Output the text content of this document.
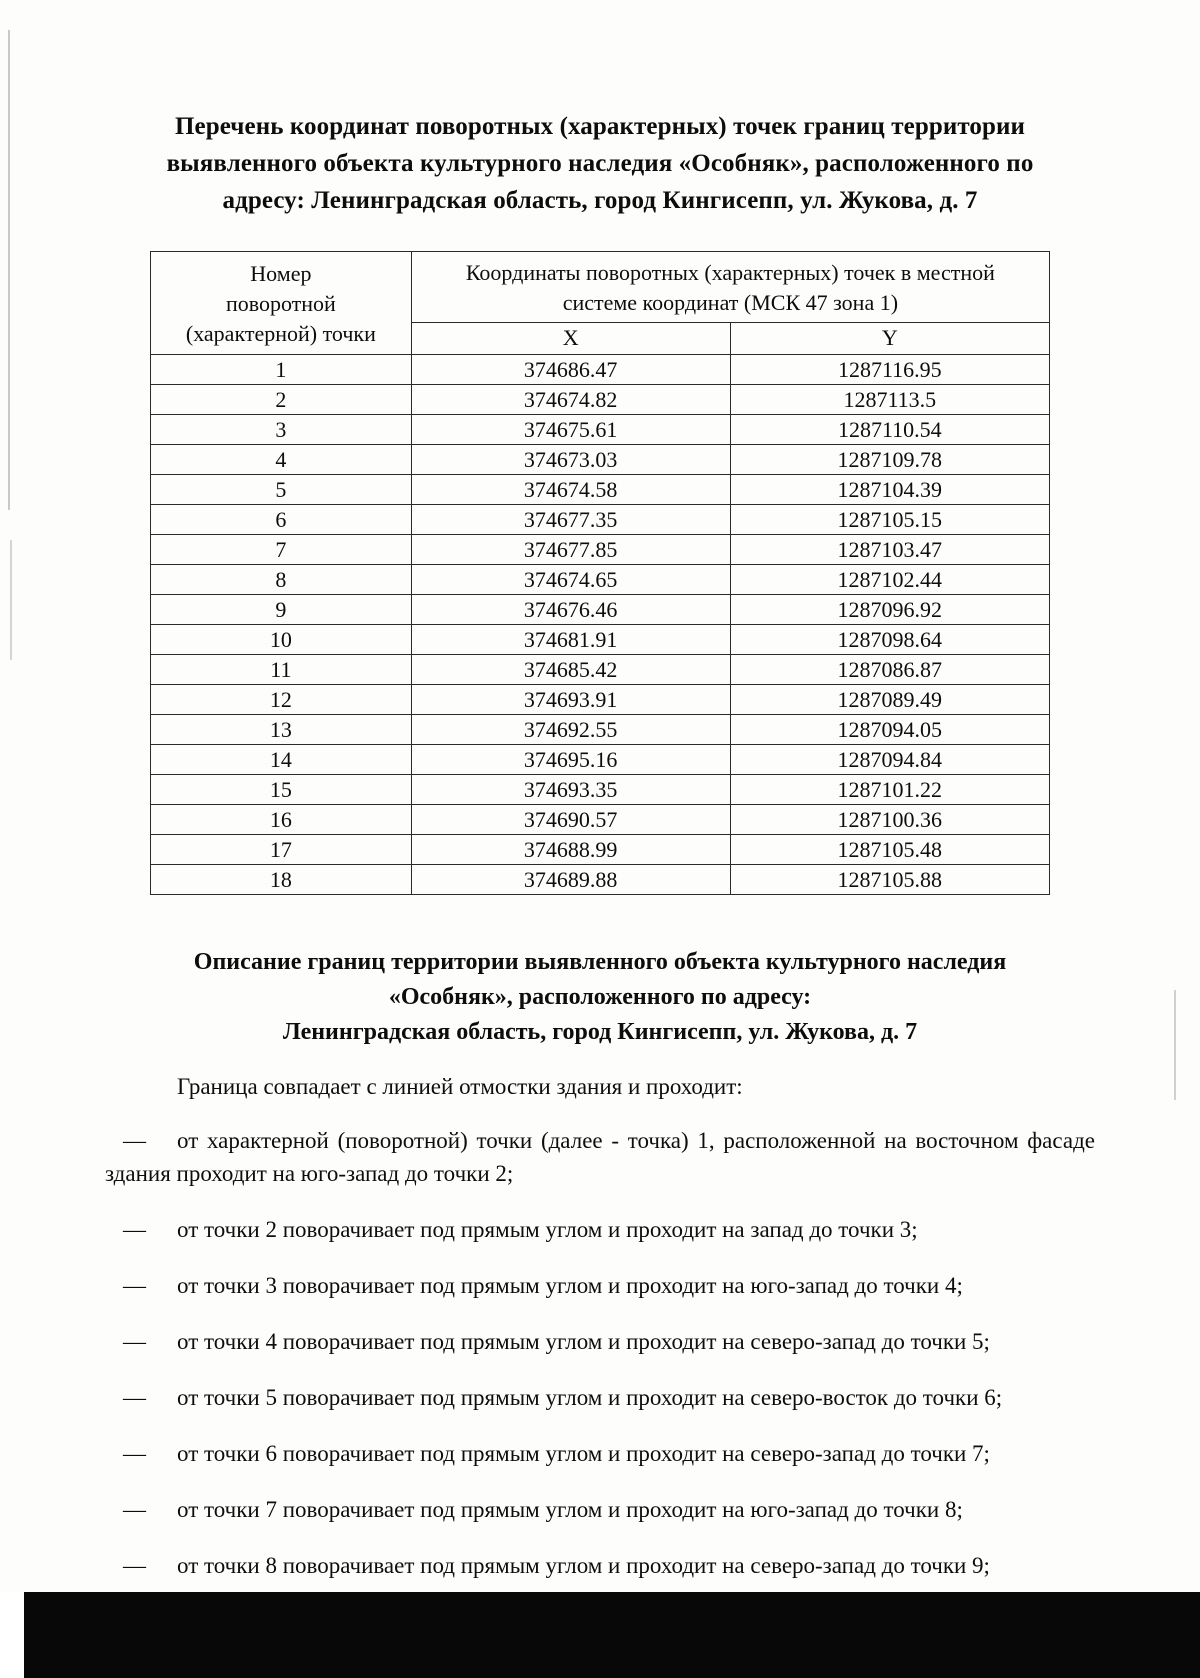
Перечень координат поворотных (характерных) точек границ территории
выявленного объекта культурного наследия «Особняк», расположенного по
адресу: Ленинградская область, город Кингисепп, ул. Жукова, д. 7
Номер
поворотной
(характерной) точки	Координаты поворотных (характерных) точек в местной
системе координат (МСК 47 зона 1)	

	X	Y
1	374686.47	1287116.95
2	374674.82	1287113.5
3	374675.61	1287110.54
4	374673.03	1287109.78
5	374674.58	1287104.39
6	374677.35	1287105.15
7	374677.85	1287103.47
8	374674.65	1287102.44
9	374676.46	1287096.92
10	374681.91	1287098.64
11	374685.42	1287086.87
12	374693.91	1287089.49
13	374692.55	1287094.05
14	374695.16	1287094.84
15	374693.35	1287101.22
16	374690.57	1287100.36
17	374688.99	1287105.48
18	374689.88	1287105.88
Описание границ территории выявленного объекта культурного наследия
«Особняк», расположенного по адресу:
Ленинградская область, город Кингисепп, ул. Жукова, д. 7

Граница совпадает с линией отмостки здания и проходит:

— от характерной (поворотной) точки (далее - точка) 1, расположенной на восточном фасаде здания проходит на юго-запад до точки 2;

— от точки 2 поворачивает под прямым углом и проходит на запад до точки 3;

— от точки 3 поворачивает под прямым углом и проходит на юго-запад до точки 4;

— от точки 4 поворачивает под прямым углом и проходит на северо-запад до точки 5;

— от точки 5 поворачивает под прямым углом и проходит на северо-восток до точки 6;

— от точки 6 поворачивает под прямым углом и проходит на северо-запад до точки 7;

— от точки 7 поворачивает под прямым углом и проходит на юго-запад до точки 8;

— от точки 8 поворачивает под прямым углом и проходит на северо-запад до точки 9;
